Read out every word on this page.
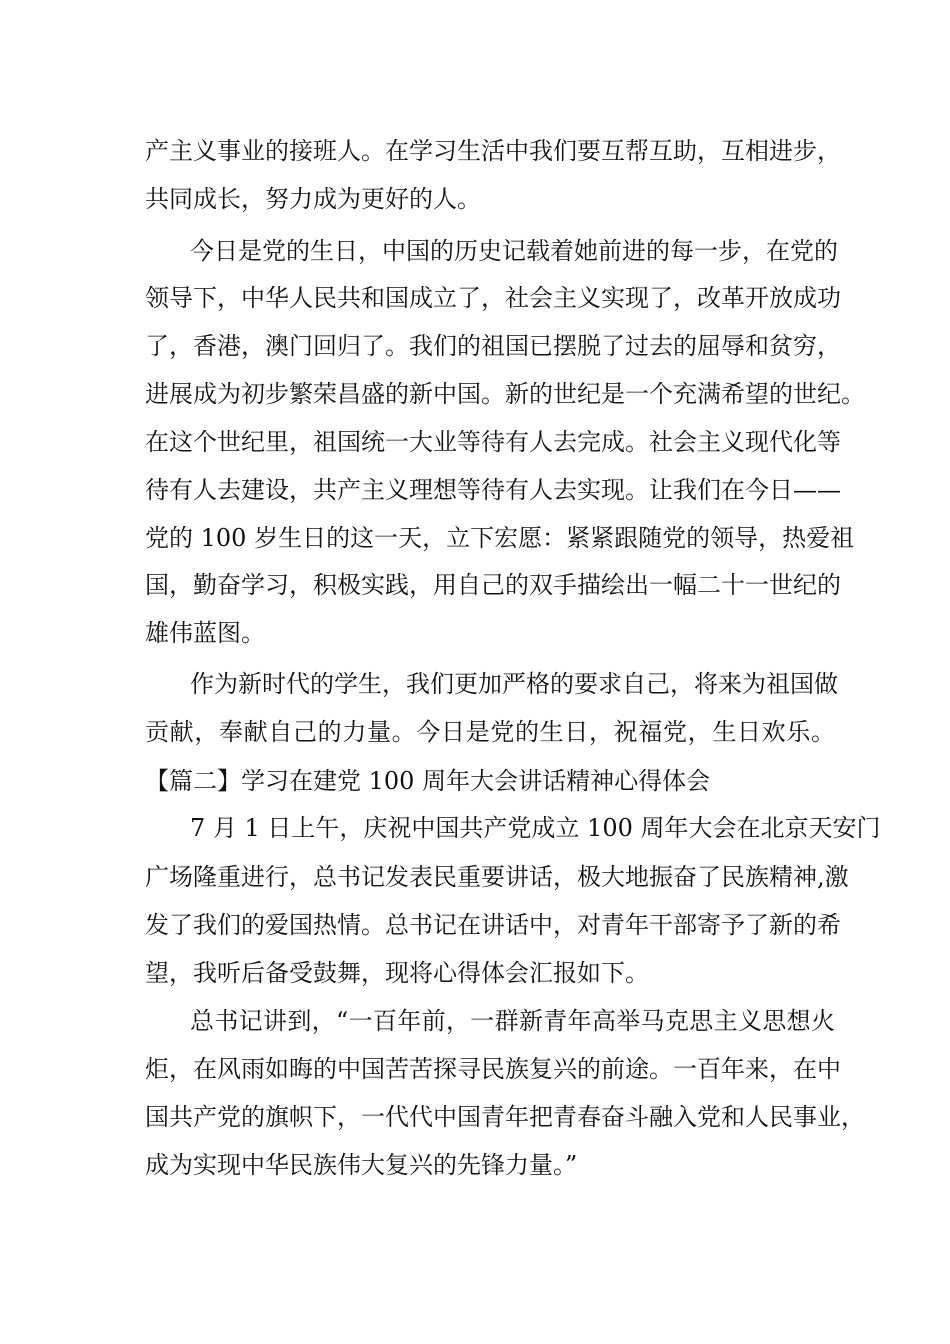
产主义事业的接班人。在学习生活中我们要互帮互助，互相进步，
共同成长，努力成为更好的人。
今日是党的生日，中国的历史记载着她前进的每一步，在党的
领导下，中华人民共和国成立了，社会主义实现了，改革开放成功
了，香港，澳门回归了。我们的祖国已摆脱了过去的屈辱和贫穷，
进展成为初步繁荣昌盛的新中国。新的世纪是一个充满希望的世纪。
在这个世纪里，祖国统一大业等待有人去完成。社会主义现代化等
待有人去建设，共产主义理想等待有人去实现。让我们在今日——
党的 100 岁生日的这一天，立下宏愿：紧紧跟随党的领导，热爱祖
国，勤奋学习，积极实践，用自己的双手描绘出一幅二十一世纪的
雄伟蓝图。
作为新时代的学生，我们更加严格的要求自己，将来为祖国做
贡献，奉献自己的力量。今日是党的生日，祝福党，生日欢乐。
【篇二】学习在建党 100 周年大会讲话精神心得体会
7 月 1 日上午，庆祝中国共产党成立 100 周年大会在北京天安门
广场隆重进行，总书记发表民重要讲话，极大地振奋了民族精神,激
发了我们的爱国热情。总书记在讲话中，对青年干部寄予了新的希
望，我听后备受鼓舞，现将心得体会汇报如下。
总书记讲到，“一百年前，一群新青年高举马克思主义思想火
炬，在风雨如晦的中国苦苦探寻民族复兴的前途。一百年来，在中
国共产党的旗帜下，一代代中国青年把青春奋斗融入党和人民事业，
成为实现中华民族伟大复兴的先锋力量。”
